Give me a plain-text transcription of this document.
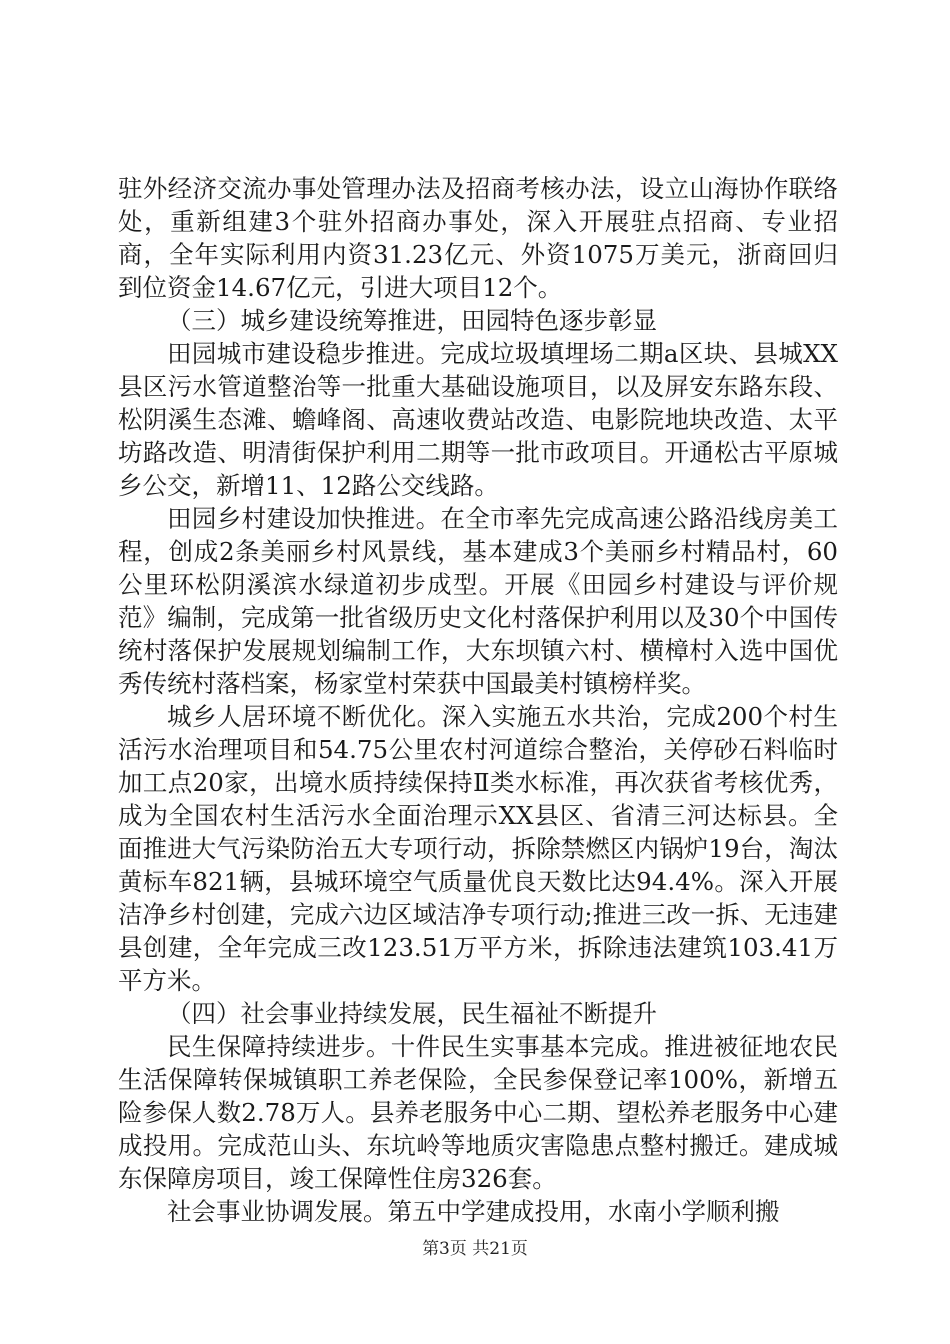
驻外经济交流办事处管理办法及招商考核办法，设立山海协作联络处，重新组建3个驻外招商办事处，深入开展驻点招商、专业招商，全年实际利用内资31.23亿元、外资1075万美元，浙商回归到位资金14.67亿元，引进大项目12个。

（三）城乡建设统筹推进，田园特色逐步彰显

田园城市建设稳步推进。完成垃圾填埋场二期a区块、县城XX县区污水管道整治等一批重大基础设施项目，以及屏安东路东段、松阴溪生态滩、蟾峰阁、高速收费站改造、电影院地块改造、太平坊路改造、明清街保护利用二期等一批市政项目。开通松古平原城乡公交，新增11、12路公交线路。

田园乡村建设加快推进。在全市率先完成高速公路沿线房美工程，创成2条美丽乡村风景线，基本建成3个美丽乡村精品村，60公里环松阴溪滨水绿道初步成型。开展《田园乡村建设与评价规范》编制，完成第一批省级历史文化村落保护利用以及30个中国传统村落保护发展规划编制工作，大东坝镇六村、横樟村入选中国优秀传统村落档案，杨家堂村荣获中国最美村镇榜样奖。

城乡人居环境不断优化。深入实施五水共治，完成200个村生活污水治理项目和54.75公里农村河道综合整治，关停砂石料临时加工点20家，出境水质持续保持Ⅱ类水标准，再次获省考核优秀，成为全国农村生活污水全面治理示XX县区、省清三河达标县。全面推进大气污染防治五大专项行动，拆除禁燃区内锅炉19台，淘汰黄标车821辆，县城环境空气质量优良天数比达94.4%。深入开展洁净乡村创建，完成六边区域洁净专项行动;推进三改一拆、无违建县创建，全年完成三改123.51万平方米，拆除违法建筑103.41万平方米。

（四）社会事业持续发展，民生福祉不断提升

民生保障持续进步。十件民生实事基本完成。推进被征地农民生活保障转保城镇职工养老保险，全民参保登记率100%，新增五险参保人数2.78万人。县养老服务中心二期、望松养老服务中心建成投用。完成范山头、东坑岭等地质灾害隐患点整村搬迁。建成城东保障房项目，竣工保障性住房326套。

社会事业协调发展。第五中学建成投用，水南小学顺利搬

第3页 共21页
